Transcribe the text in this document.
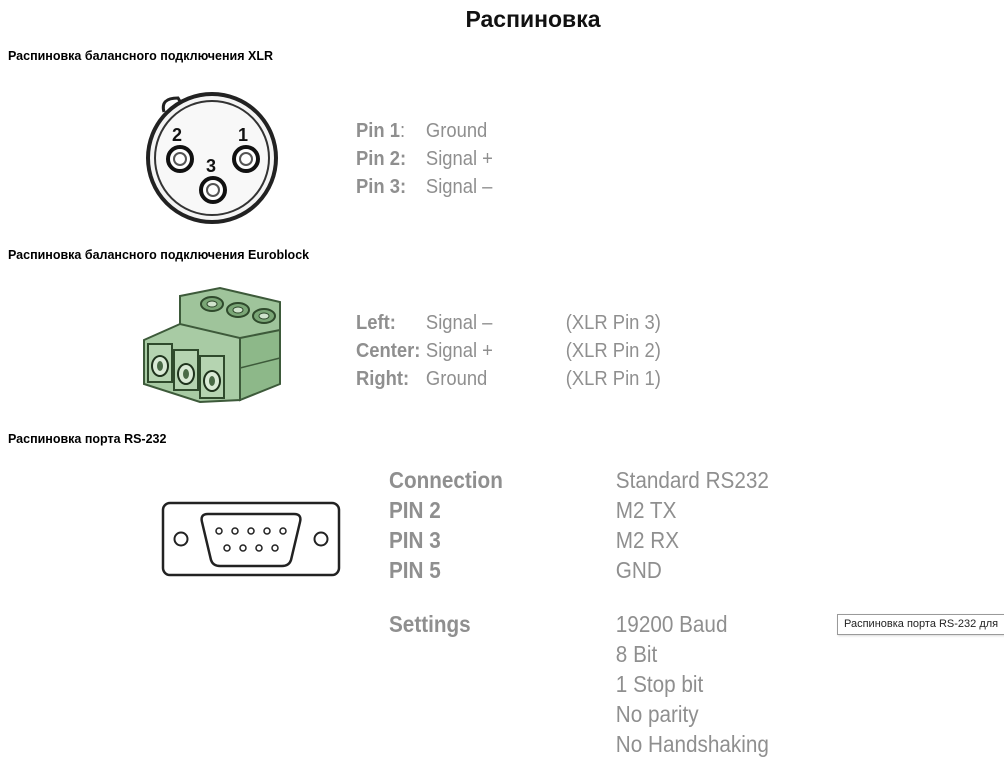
Распиновка
Распиновка балансного подключения XLR
1
2
3
Pin 1: Ground
Pin 2: Signal +
Pin 3: Signal –
Распиновка балансного подключения Euroblock
Left: Signal –	(XLR Pin 3)
Center: Signal +	(XLR Pin 2)
Right: Ground	(XLR Pin 1)
Распиновка порта RS-232
Connection	Standard RS232
PIN 2	M2 TX
PIN 3	M2 RX
PIN 5	GND
Settings	19200 Baud
8 Bit
1 Stop bit
No parity
No Handshaking
Распиновка порта RS-232 для
